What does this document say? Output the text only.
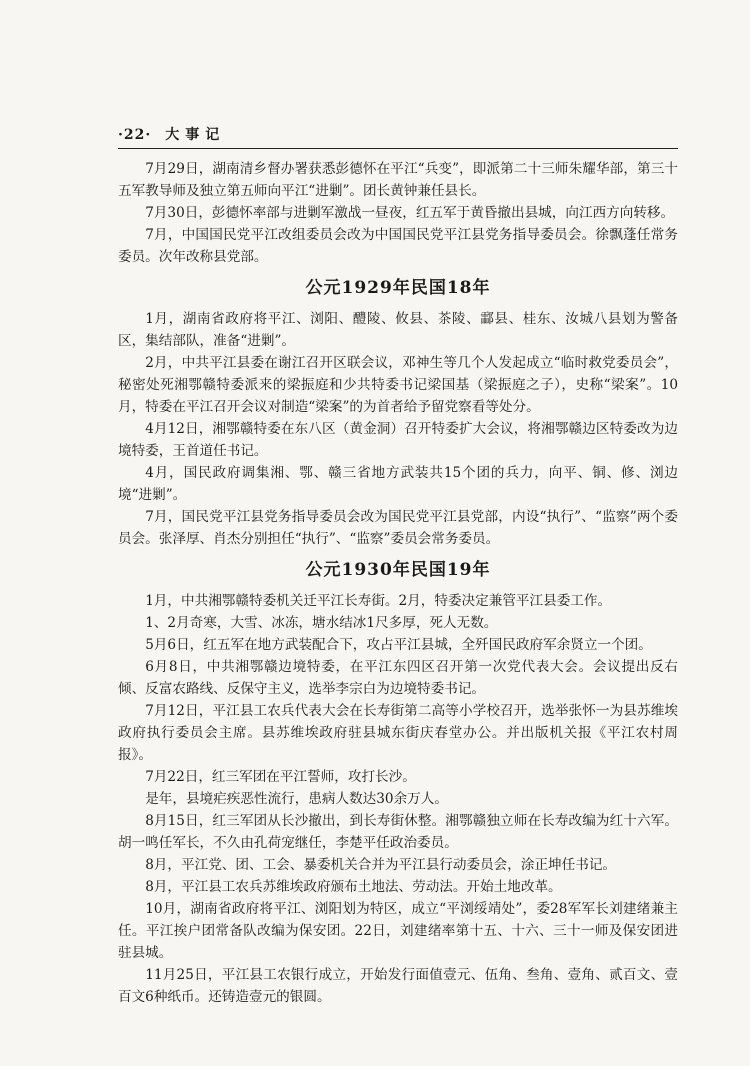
·22· 大事记

7月29日，湖南清乡督办署获悉彭德怀在平江“兵变”，即派第二十三师朱耀华部，第三十五军教导师及独立第五师向平江“进剿”。团长黄钟兼任县长。

7月30日，彭德怀率部与进剿军激战一昼夜，红五军于黄昏撤出县城，向江西方向转移。

7月，中国国民党平江改组委员会改为中国国民党平江县党务指导委员会。徐飘蓬任常务委员。次年改称县党部。

公元1929年民国18年

1月，湖南省政府将平江、浏阳、醴陵、攸县、茶陵、酃县、桂东、汝城八县划为警备区，集结部队，准备“进剿”。

2月，中共平江县委在谢江召开区联会议，邓神生等几个人发起成立“临时救党委员会”，秘密处死湘鄂赣特委派来的梁振庭和少共特委书记梁国基（梁振庭之子），史称“梁案”。10月，特委在平江召开会议对制造“梁案”的为首者给予留党察看等处分。

4月12日，湘鄂赣特委在东八区（黄金洞）召开特委扩大会议，将湘鄂赣边区特委改为边境特委，王首道任书记。

4月，国民政府调集湘、鄂、赣三省地方武装共15个团的兵力，向平、铜、修、浏边境“进剿”。

7月，国民党平江县党务指导委员会改为国民党平江县党部，内设“执行”、“监察”两个委员会。张泽厚、肖杰分别担任“执行”、“监察”委员会常务委员。

公元1930年民国19年

1月，中共湘鄂赣特委机关迁平江长寿街。2月，特委决定兼管平江县委工作。

1、2月奇寒，大雪、冰冻，塘水结冰1尺多厚，死人无数。

5月6日，红五军在地方武装配合下，攻占平江县城，全歼国民政府军余贤立一个团。

6月8日，中共湘鄂赣边境特委，在平江东四区召开第一次党代表大会。会议提出反右倾、反富农路线、反保守主义，选举李宗白为边境特委书记。

7月12日，平江县工农兵代表大会在长寿街第二高等小学校召开，选举张怀一为县苏维埃政府执行委员会主席。县苏维埃政府驻县城东街庆春堂办公。并出版机关报《平江农村周报》。

7月22日，红三军团在平江誓师，攻打长沙。

是年，县境疟疾恶性流行，患病人数达30余万人。

8月15日，红三军团从长沙撤出，到长寿街休整。湘鄂赣独立师在长寿改编为红十六军。胡一鸣任军长，不久由孔荷宠继任，李楚平任政治委员。

8月，平江党、团、工会、暴委机关合并为平江县行动委员会，涂正坤任书记。

8月，平江县工农兵苏维埃政府颁布土地法、劳动法。开始土地改革。

10月，湖南省政府将平江、浏阳划为特区，成立“平浏绥靖处”，委28军军长刘建绪兼主任。平江挨户团常备队改编为保安团。22日，刘建绪率第十五、十六、三十一师及保安团进驻县城。

11月25日，平江县工农银行成立，开始发行面值壹元、伍角、叁角、壹角、贰百文、壹百文6种纸币。还铸造壹元的银圆。
